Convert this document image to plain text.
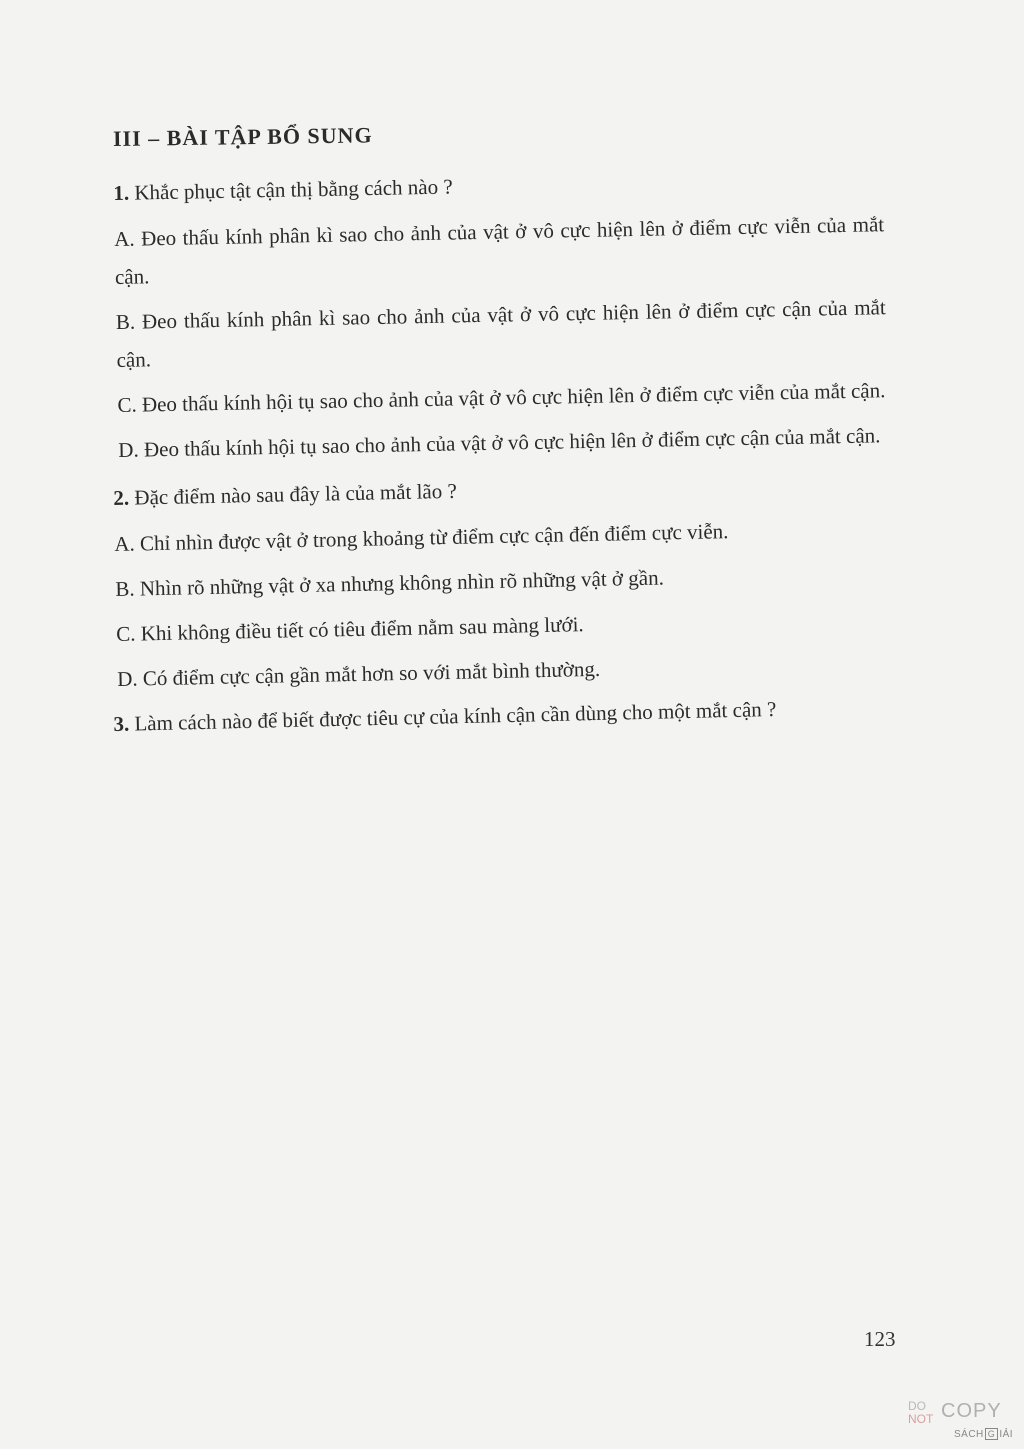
III – BÀI TẬP BỔ SUNG

1. Khắc phục tật cận thị bằng cách nào ?

A. Đeo thấu kính phân kì sao cho ảnh của vật ở vô cực hiện lên ở điểm cực viễn của mắt cận.

B. Đeo thấu kính phân kì sao cho ảnh của vật ở vô cực hiện lên ở điểm cực cận của mắt cận.

C. Đeo thấu kính hội tụ sao cho ảnh của vật ở vô cực hiện lên ở điểm cực viễn của mắt cận.

D. Đeo thấu kính hội tụ sao cho ảnh của vật ở vô cực hiện lên ở điểm cực cận của mắt cận.

2. Đặc điểm nào sau đây là của mắt lão ?

A. Chỉ nhìn được vật ở trong khoảng từ điểm cực cận đến điểm cực viễn.

B. Nhìn rõ những vật ở xa nhưng không nhìn rõ những vật ở gần.

C. Khi không điều tiết có tiêu điểm nằm sau màng lưới.

D. Có điểm cực cận gần mắt hơn so với mắt bình thường.

3. Làm cách nào để biết được tiêu cự của kính cận cần dùng cho một mắt cận ?

123
DO
NOT COPY
SÁCH G IẢI
